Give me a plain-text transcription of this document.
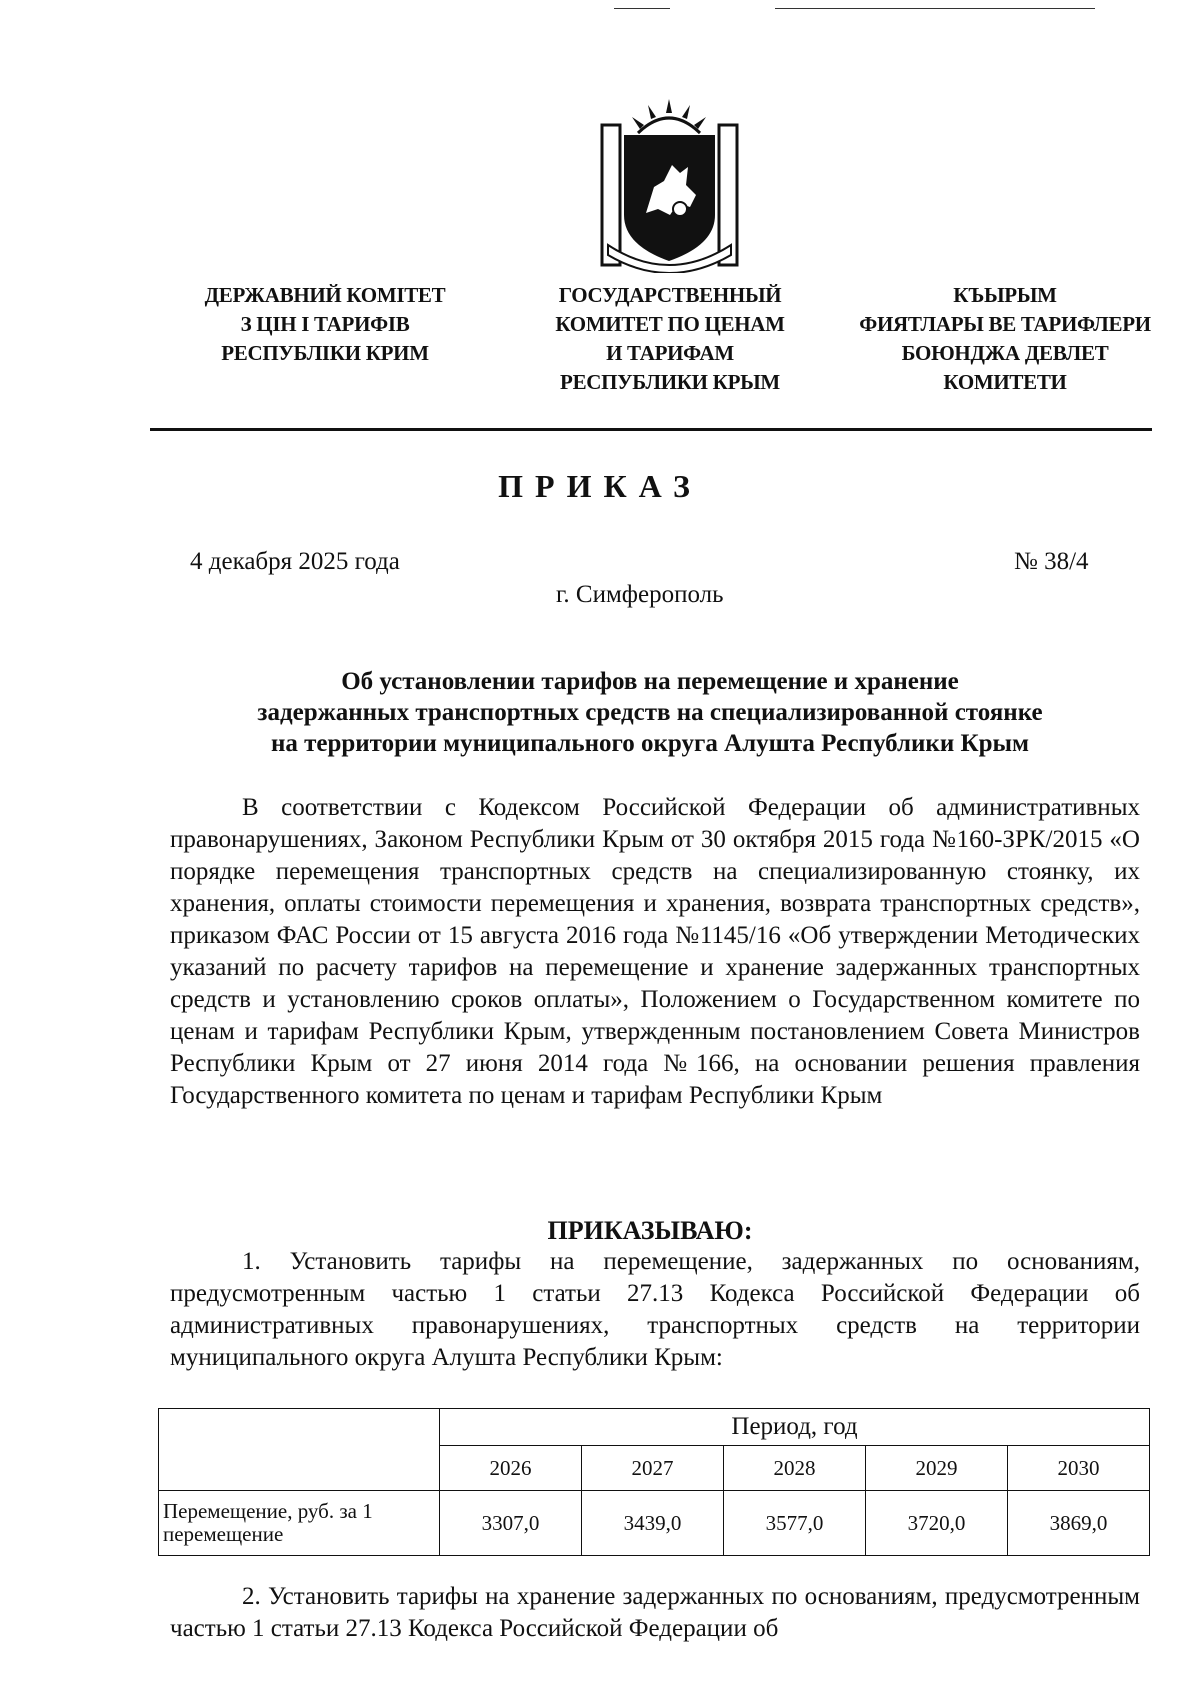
ДЕРЖАВНИЙ КОМІТЕТ
З ЦІН І ТАРИФІВ
РЕСПУБЛІКИ КРИМ
ГОСУДАРСТВЕННЫЙ
КОМИТЕТ ПО ЦЕНАМ
И ТАРИФАМ
РЕСПУБЛИКИ КРЫМ
КЪЫРЫМ
ФИЯТЛАРЫ ВЕ ТАРИФЛЕРИ
БОЮНДЖА ДЕВЛЕТ
КОМИТЕТИ
ПРИКАЗ
4 декабря 2025 года	№ 38/4
г. Симферополь
Об установлении тарифов на перемещение и хранение
задержанных транспортных средств на специализированной стоянке
на территории муниципального округа Алушта Республики Крым
В соответствии с Кодексом Российской Федерации об административных правонарушениях, Законом Республики Крым от 30 октября 2015 года №160-ЗРК/2015 «О порядке перемещения транспортных средств на специализированную стоянку, их хранения, оплаты стоимости перемещения и хранения, возврата транспортных средств», приказом ФАС России от 15 августа 2016 года №1145/16 «Об утверждении Методических указаний по расчету тарифов на перемещение и хранение задержанных транспортных средств и установлению сроков оплаты», Положением о Государственном комитете по ценам и тарифам Республики Крым, утвержденным постановлением Совета Министров Республики Крым от 27 июня 2014 года №166, на основании решения правления Государственного комитета по ценам и тарифам Республики Крым
ПРИКАЗЫВАЮ:
1. Установить тарифы на перемещение, задержанных по основаниям, предусмотренным частью 1 статьи 27.13 Кодекса Российской Федерации об административных правонарушениях, транспортных средств на территории муниципального округа Алушта Республики Крым:
	Период, год				
	2026	2027	2028	2029	2030
Перемещение, руб. за 1 перемещение	3307,0	3439,0	3577,0	3720,0	3869,0
2. Установить тарифы на хранение задержанных по основаниям, предусмотренным частью 1 статьи 27.13 Кодекса Российской Федерации об
